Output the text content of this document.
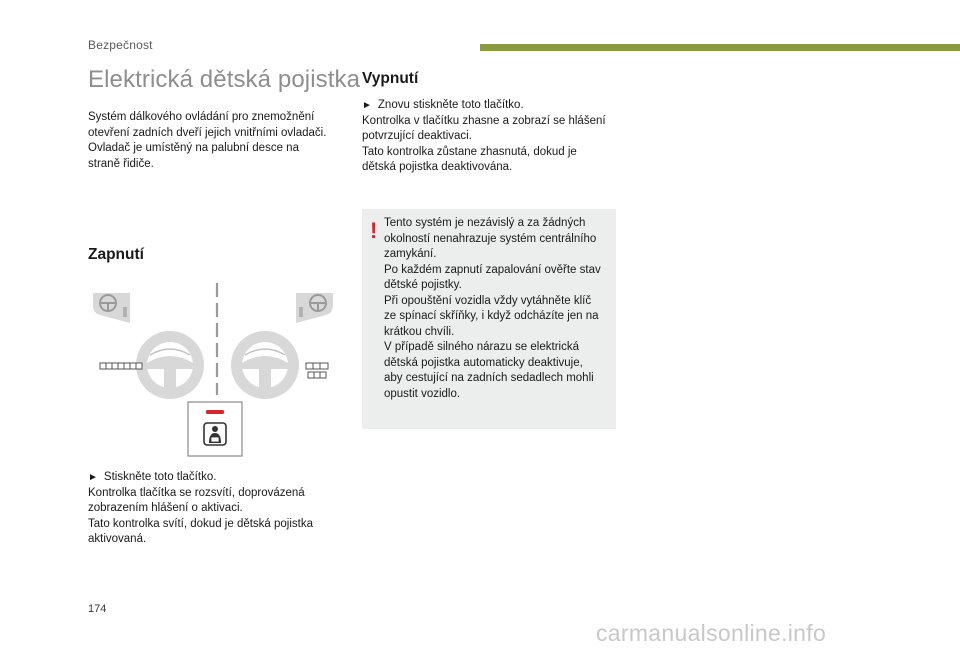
Bezpečnost
Elektrická dětská pojistka

Systém dálkového ovládání pro znemožnění

otevření zadních dveří jejich vnitřními ovladači.

Ovladač je umístěný na palubní desce na

straně řidiče.

Zapnutí
► Stiskněte toto tlačítko.

Kontrolka tlačítka se rozsvítí, doprovázená

zobrazením hlášení o aktivaci.

Tato kontrolka svítí, dokud je dětská pojistka

aktivovaná.

Vypnutí
► Znovu stiskněte toto tlačítko.

Kontrolka v tlačítku zhasne a zobrazí se hlášení

potvrzující deaktivaci.

Tato kontrolka zůstane zhasnutá, dokud je

dětská pojistka deaktivována.

! Tento systém je nezávislý a za žádných

okolností nenahrazuje systém centrálního

zamykání.

Po každém zapnutí zapalování ověřte stav

dětské pojistky.

Při opouštění vozidla vždy vytáhněte klíč

ze spínací skříňky, i když odcházíte jen na

krátkou chvíli.

V případě silného nárazu se elektrická

dětská pojistka automaticky deaktivuje,

aby cestující na zadních sedadlech mohli

opustit vozidlo.

174
carmanualsonline.info
